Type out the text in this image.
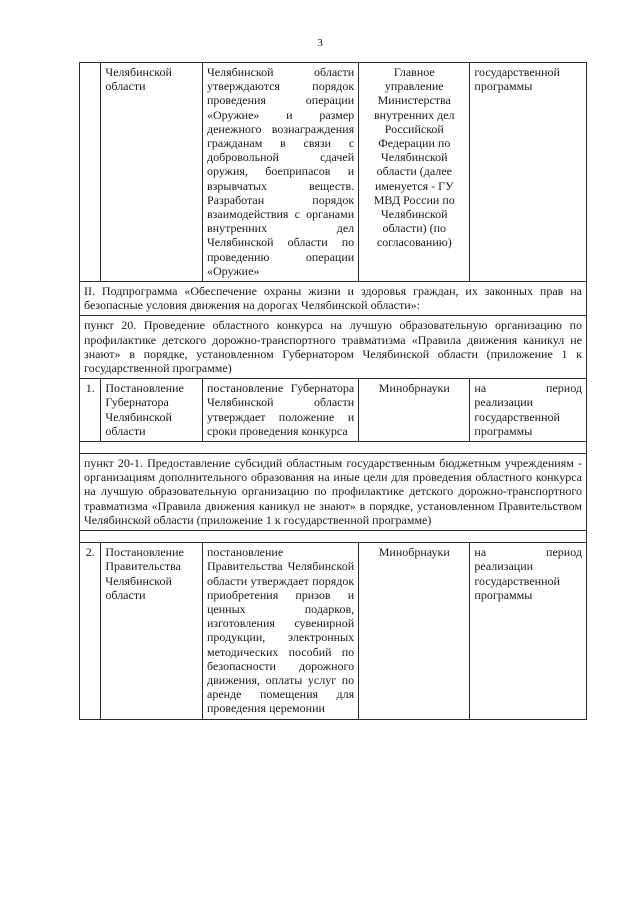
3
	Челябинской области	Челябинской области утверждаются порядок проведения операции «Оружие» и размер денежного вознаграждения гражданам в связи с добровольной сдачей оружия, боеприпасов и взрывчатых веществ. Разработан порядок взаимодействия с органами внутренних дел Челябинской области по проведению операции «Оружие»	Главное управление Министерства внутренних дел Российской Федерации по Челябинской области (далее именуется - ГУ МВД России по Челябинской области) (по согласованию)	государственной программы
II. Подпрограмма «Обеспечение охраны жизни и здоровья граждан, их законных прав на безопасные условия движения на дорогах Челябинской области»:				
пункт 20. Проведение областного конкурса на лучшую образовательную организацию по профилактике детского дорожно-транспортного травматизма «Правила движения каникул не знают» в порядке, установленном Губернатором Челябинской области (приложение 1 к государственной программе)				
1.	Постановление Губернатора Челябинской области	постановление Губернатора Челябинской области утверждает положение и сроки проведения конкурса	Минобрнауки	на период реализации государственной программы

пункт 20-1. Предоставление субсидий областным государственным бюджетным учреждениям - организациям дополнительного образования на иные цели для проведения областного конкурса на лучшую образовательную организацию по профилактике детского дорожно-транспортного травматизма «Правила движения каникул не знают» в порядке, установленном Правительством Челябинской области (приложение 1 к государственной программе)				

2.	Постановление Правительства Челябинской области	постановление Правительства Челябинской области утверждает порядок приобретения призов и ценных подарков, изготовления сувенирной продукции, электронных методических пособий по безопасности дорожного движения, оплаты услуг по аренде помещения для проведения церемонии	Минобрнауки	на период реализации государственной программы
